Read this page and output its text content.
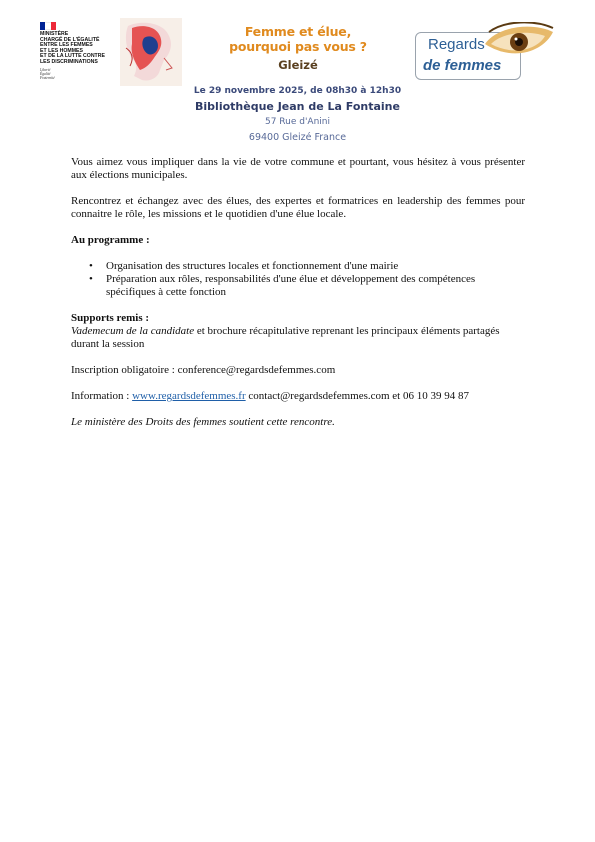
MINISTÈRE
CHARGÉ DE L'ÉGALITÉ
ENTRE LES FEMMES
ET LES HOMMES
ET DE LA LUTTE CONTRE
LES DISCRIMINATIONS
Liberté
Égalité
Fraternité
Femme et élue,
pourquoi pas vous ?
Gleizé
Regards
de femmes
Le 29 novembre 2025, de 08h30 à 12h30
Bibliothèque Jean de La Fontaine
57 Rue d'Anini
69400 Gleizé France

Vous aimez vous impliquer dans la vie de votre commune et pourtant, vous hésitez à vous présenter aux élections municipales.

Rencontrez et échangez avec des élues, des expertes et formatrices en leadership des femmes pour connaitre le rôle, les missions et le quotidien d'une élue locale.

Au programme :

• Organisation des structures locales et fonctionnement d'une mairie
• Préparation aux rôles, responsabilités d'une élue et développement des compétences spécifiques à cette fonction

Supports remis :

Vademecum de la candidate et brochure récapitulative reprenant les principaux éléments partagés durant la session

Inscription obligatoire : conference@regardsdefemmes.com

Information : www.regardsdefemmes.fr contact@regardsdefemmes.com et 06 10 39 94 87

Le ministère des Droits des femmes soutient cette rencontre.
